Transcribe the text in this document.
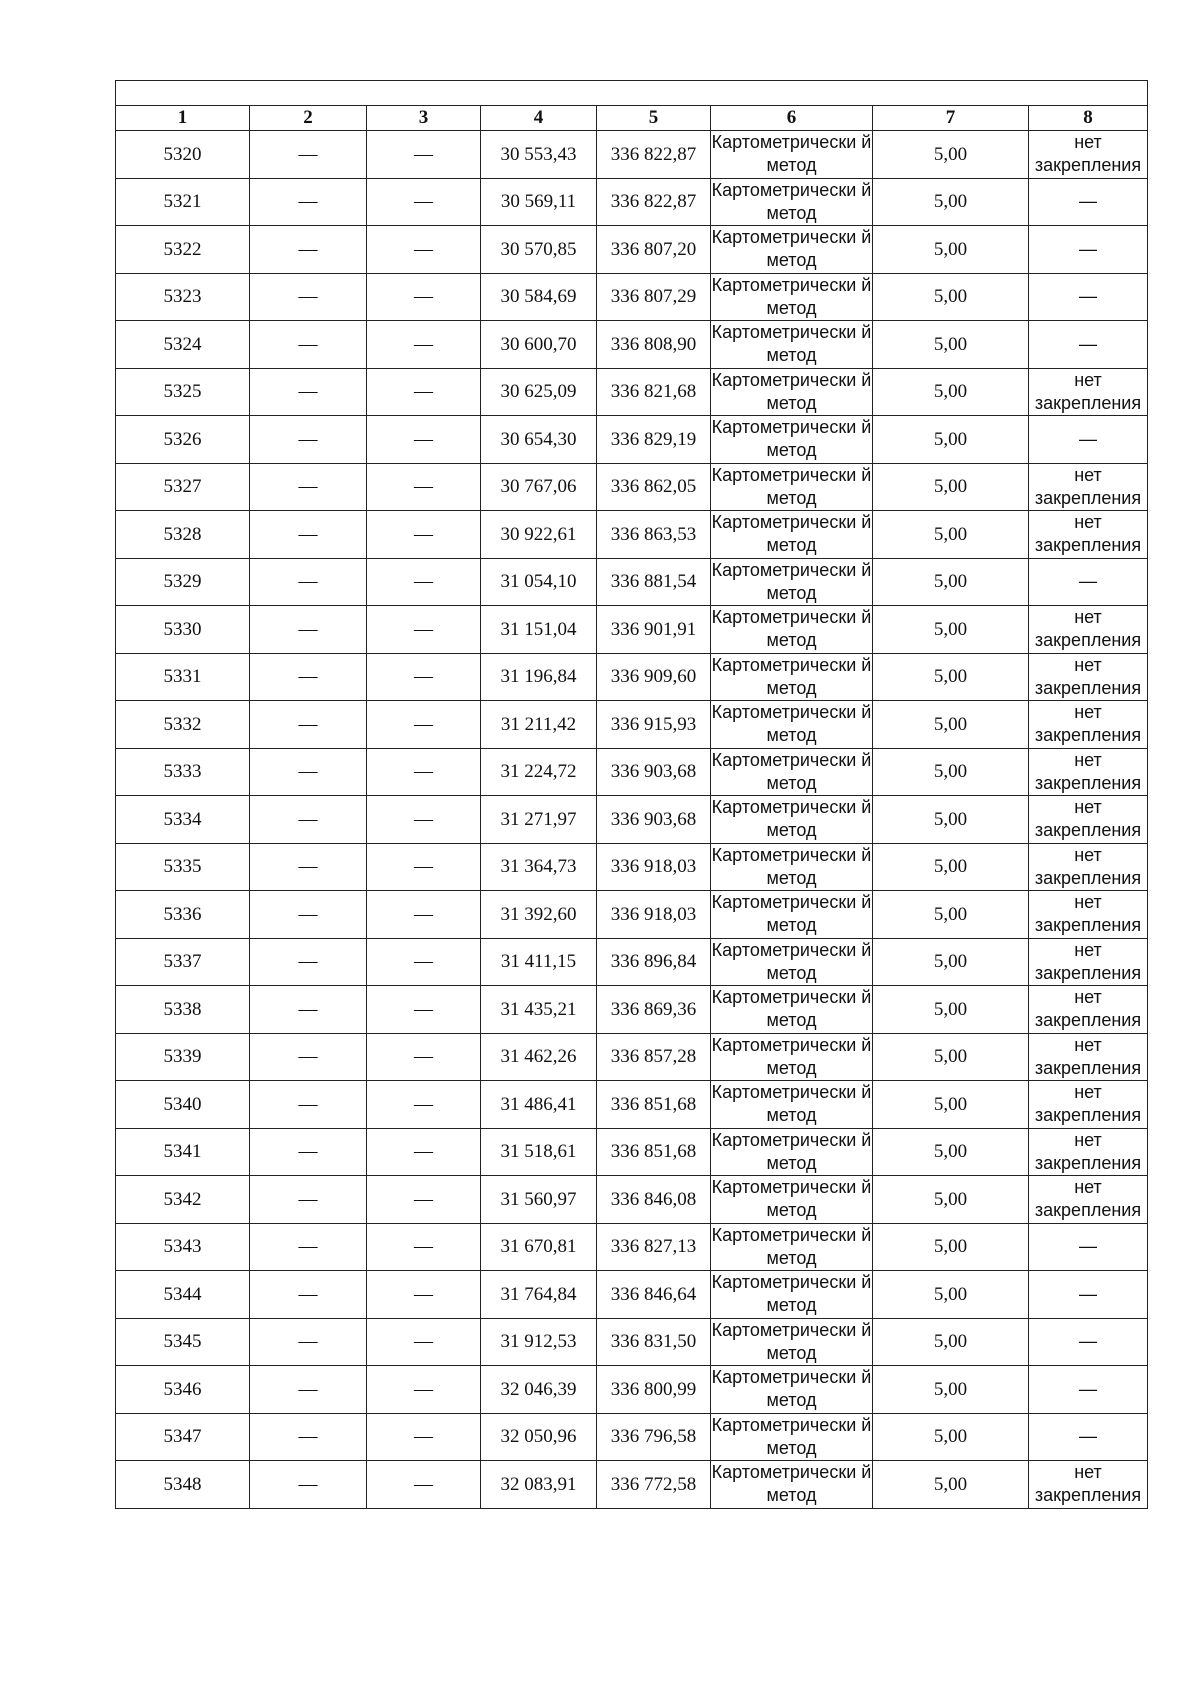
1	2	3	4	5	6	7	8
5320	—	—	30 553,43	336 822,87	Картометрически й метод	5,00	нет закрепления
5321	—	—	30 569,11	336 822,87	Картометрически й метод	5,00	—
5322	—	—	30 570,85	336 807,20	Картометрически й метод	5,00	—
5323	—	—	30 584,69	336 807,29	Картометрически й метод	5,00	—
5324	—	—	30 600,70	336 808,90	Картометрически й метод	5,00	—
5325	—	—	30 625,09	336 821,68	Картометрически й метод	5,00	нет закрепления
5326	—	—	30 654,30	336 829,19	Картометрически й метод	5,00	—
5327	—	—	30 767,06	336 862,05	Картометрически й метод	5,00	нет закрепления
5328	—	—	30 922,61	336 863,53	Картометрически й метод	5,00	нет закрепления
5329	—	—	31 054,10	336 881,54	Картометрически й метод	5,00	—
5330	—	—	31 151,04	336 901,91	Картометрически й метод	5,00	нет закрепления
5331	—	—	31 196,84	336 909,60	Картометрически й метод	5,00	нет закрепления
5332	—	—	31 211,42	336 915,93	Картометрически й метод	5,00	нет закрепления
5333	—	—	31 224,72	336 903,68	Картометрически й метод	5,00	нет закрепления
5334	—	—	31 271,97	336 903,68	Картометрически й метод	5,00	нет закрепления
5335	—	—	31 364,73	336 918,03	Картометрически й метод	5,00	нет закрепления
5336	—	—	31 392,60	336 918,03	Картометрически й метод	5,00	нет закрепления
5337	—	—	31 411,15	336 896,84	Картометрически й метод	5,00	нет закрепления
5338	—	—	31 435,21	336 869,36	Картометрически й метод	5,00	нет закрепления
5339	—	—	31 462,26	336 857,28	Картометрически й метод	5,00	нет закрепления
5340	—	—	31 486,41	336 851,68	Картометрически й метод	5,00	нет закрепления
5341	—	—	31 518,61	336 851,68	Картометрически й метод	5,00	нет закрепления
5342	—	—	31 560,97	336 846,08	Картометрически й метод	5,00	нет закрепления
5343	—	—	31 670,81	336 827,13	Картометрически й метод	5,00	—
5344	—	—	31 764,84	336 846,64	Картометрически й метод	5,00	—
5345	—	—	31 912,53	336 831,50	Картометрически й метод	5,00	—
5346	—	—	32 046,39	336 800,99	Картометрически й метод	5,00	—
5347	—	—	32 050,96	336 796,58	Картометрически й метод	5,00	—
5348	—	—	32 083,91	336 772,58	Картометрически й метод	5,00	нет закрепления
